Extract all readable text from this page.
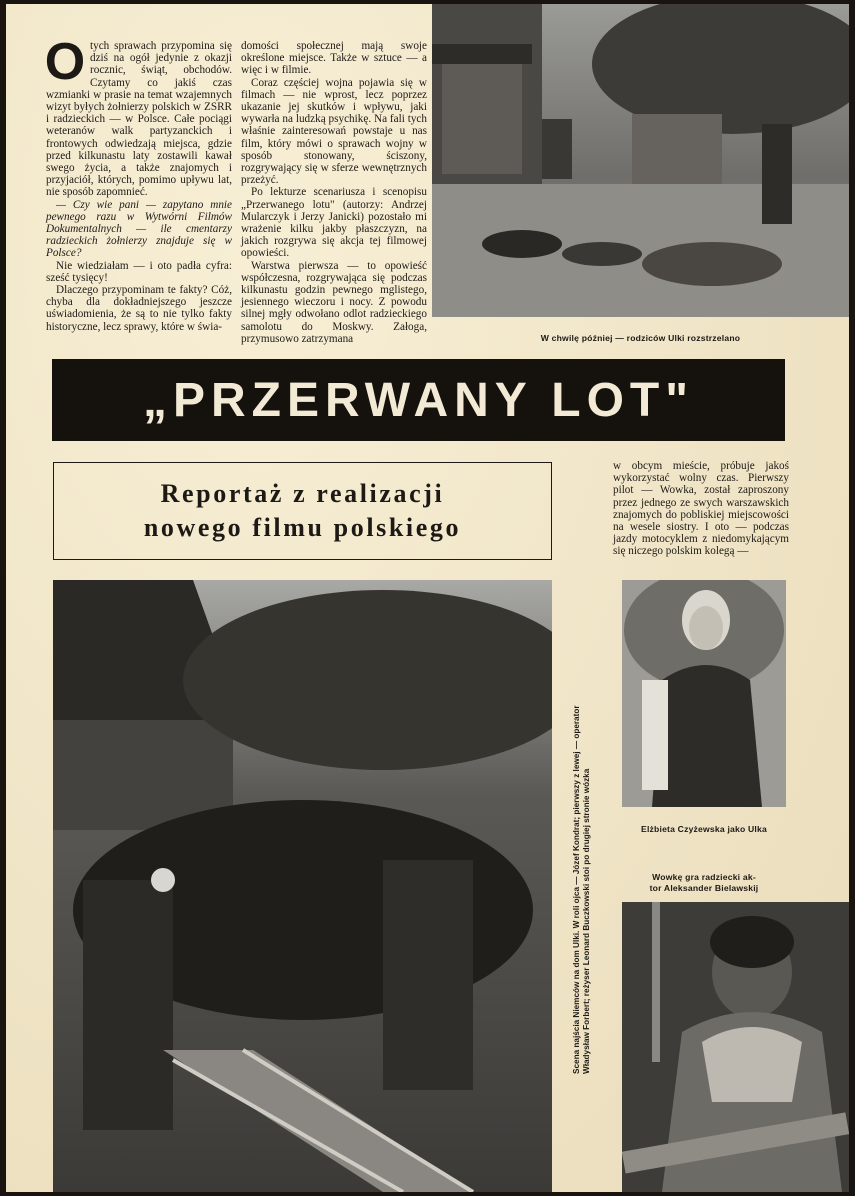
O tych sprawach przypomina się dziś na ogół jedynie z okazji rocznic, świąt, obchodów. Czytamy co jakiś czas wzmianki w prasie na temat wzajemnych wizyt byłych żołnierzy polskich w ZSRR i radzieckich — w Polsce. Całe pociągi weteranów walk partyzanckich i frontowych odwiedzają miejsca, gdzie przed kilkunastu laty zostawili kawał swego życia, a także znajomych i przyjaciół, których, pomimo upływu lat, nie sposób zapomnieć.

— Czy wie pani — zapytano mnie pewnego razu w Wytwórni Filmów Dokumentalnych — ile cmentarzy radzieckich żołnierzy znajduje się w Polsce?

Nie wiedziałam — i oto padła cyfra: sześć tysięcy!

Dlaczego przypominam te fakty? Cóż, chyba dla dokładniejszego jeszcze uświadomienia, że są to nie tylko fakty historyczne, lecz sprawy, które w świa-

domości społecznej mają swoje określone miejsce. Także w sztuce — a więc i w filmie.

Coraz częściej wojna pojawia się w filmach — nie wprost, lecz poprzez ukazanie jej skutków i wpływu, jaki wywarła na ludzką psychikę. Na fali tych właśnie zainteresowań powstaje u nas film, który mówi o sprawach wojny w sposób stonowany, ściszony, rozgrywający się w sferze wewnętrznych przeżyć.

Po lekturze scenariusza i scenopisu „Przerwanego lotu" (autorzy: Andrzej Mularczyk i Jerzy Janicki) pozostało mi wrażenie kilku jakby płaszczyzn, na jakich rozgrywa się akcja tej filmowej opowieści.

Warstwa pierwsza — to opowieść współczesna, rozgrywająca się podczas kilkunastu godzin pewnego mglistego, jesiennego wieczoru i nocy. Z powodu silnej mgły odwołano odlot radzieckiego samolotu do Moskwy. Załoga, przymusowo zatrzymana	W chwilę później — rodziców Ulki rozstrzelano
„PRZERWANY LOT"
Reportaż z realizacji
nowego filmu polskiego

w obcym mieście, próbuje jakoś wykorzystać wolny czas. Pierwszy pilot — Wowka, został zaproszony przez jednego ze swych warszawskich znajomych do pobliskiej miejscowości na wesele siostry. I oto — podczas jazdy motocyklem z niedomykającym się niczego polskim kolegą —

Scena najścia Niemców na dom Ulki. W roli ojca — Józef Kondrat; pierwszy z lewej — operator Władysław Forbert; reżyser Leonard Buczkowski stoi po drugiej stronie wózka	Elżbieta Czyżewska jako Ulka
Wowkę gra radziecki ak-
tor Aleksander Bielawskij
